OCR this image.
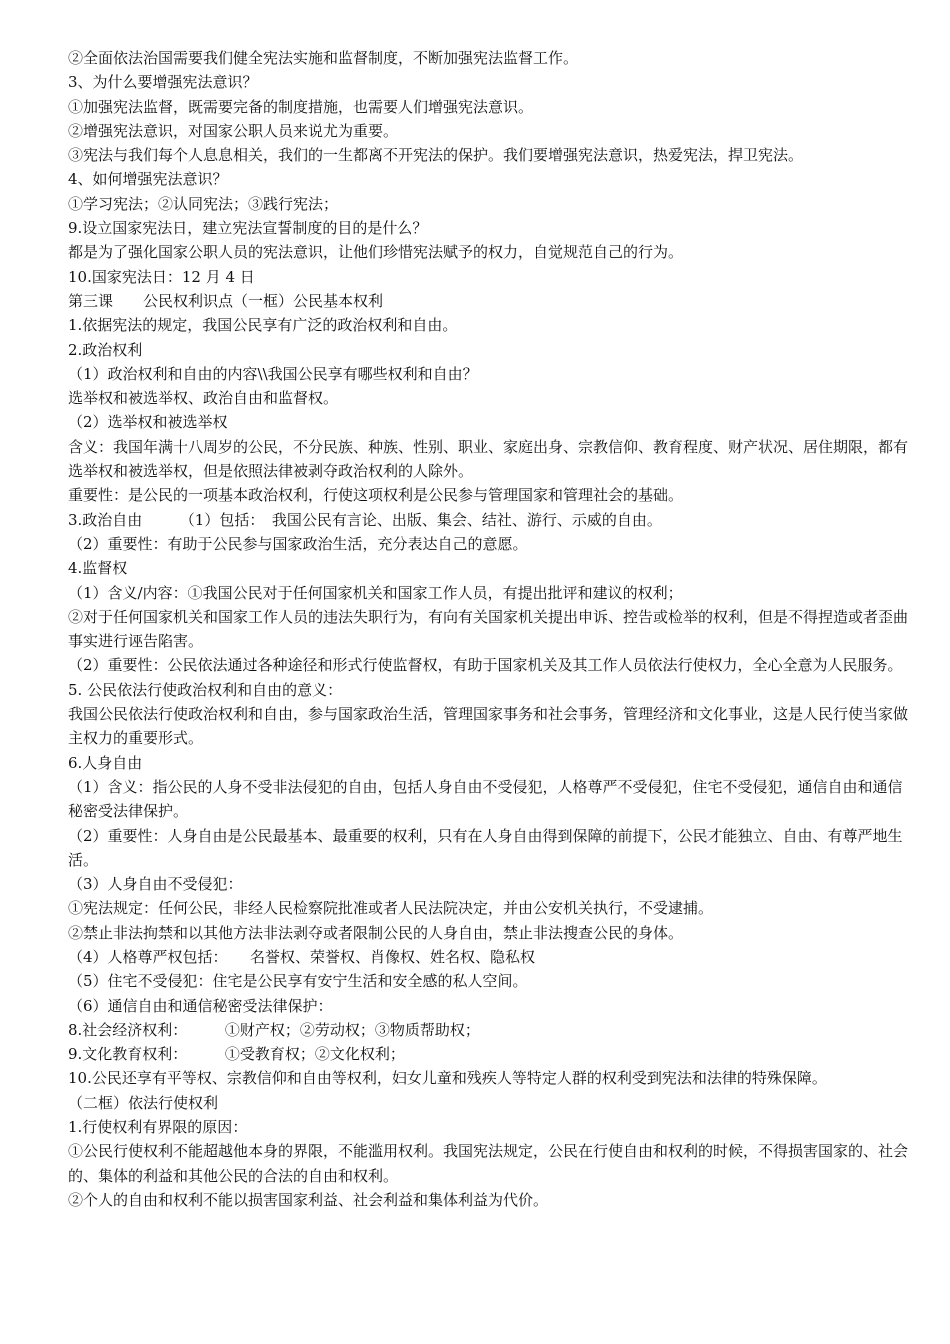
②全面依法治国需要我们健全宪法实施和监督制度，不断加强宪法监督工作。
3、为什么要增强宪法意识？
①加强宪法监督，既需要完备的制度措施，也需要人们增强宪法意识。
②增强宪法意识，对国家公职人员来说尤为重要。
③宪法与我们每个人息息相关，我们的一生都离不开宪法的保护。我们要增强宪法意识，热爱宪法，捍卫宪法。
4、如何增强宪法意识？
①学习宪法；②认同宪法；③践行宪法；
9.设立国家宪法日，建立宪法宣誓制度的目的是什么？
都是为了强化国家公职人员的宪法意识，让他们珍惜宪法赋予的权力，自觉规范自己的行为。
10.国家宪法日：12 月 4 日
第三课　　公民权利识点（一框）公民基本权利
1.依据宪法的规定，我国公民享有广泛的政治权利和自由。
2.政治权利
（1）政治权利和自由的内容\\我国公民享有哪些权利和自由？
选举权和被选举权、政治自由和监督权。
（2）选举权和被选举权
含义：我国年满十八周岁的公民，不分民族、种族、性别、职业、家庭出身、宗教信仰、教育程度、财产状况、居住期限，都有选举权和被选举权，但是依照法律被剥夺政治权利的人除外。
重要性：是公民的一项基本政治权利，行使这项权利是公民参与管理国家和管理社会的基础。
3.政治自由　　　（1）包括：　我国公民有言论、出版、集会、结社、游行、示威的自由。
（2）重要性：有助于公民参与国家政治生活，充分表达自己的意愿。
4.监督权
（1）含义/内容：①我国公民对于任何国家机关和国家工作人员，有提出批评和建议的权利；
②对于任何国家机关和国家工作人员的违法失职行为，有向有关国家机关提出申诉、控告或检举的权利，但是不得捏造或者歪曲事实进行诬告陷害。
（2）重要性：公民依法通过各种途径和形式行使监督权，有助于国家机关及其工作人员依法行使权力，全心全意为人民服务。
5. 公民依法行使政治权利和自由的意义：
我国公民依法行使政治权利和自由，参与国家政治生活，管理国家事务和社会事务，管理经济和文化事业，这是人民行使当家做主权力的重要形式。
6.人身自由
（1）含义：指公民的人身不受非法侵犯的自由，包括人身自由不受侵犯，人格尊严不受侵犯，住宅不受侵犯，通信自由和通信秘密受法律保护。
（2）重要性：人身自由是公民最基本、最重要的权利，只有在人身自由得到保障的前提下，公民才能独立、自由、有尊严地生活。
（3）人身自由不受侵犯：
①宪法规定：任何公民，非经人民检察院批准或者人民法院决定，并由公安机关执行，不受逮捕。
②禁止非法拘禁和以其他方法非法剥夺或者限制公民的人身自由，禁止非法搜查公民的身体。
（4）人格尊严权包括：　　名誉权、荣誉权、肖像权、姓名权、隐私权
（5）住宅不受侵犯：住宅是公民享有安宁生活和安全感的私人空间。
（6）通信自由和通信秘密受法律保护：
8.社会经济权利：　　　①财产权；②劳动权；③物质帮助权；
9.文化教育权利：　　　①受教育权；②文化权利；
10.公民还享有平等权、宗教信仰和自由等权利，妇女儿童和残疾人等特定人群的权利受到宪法和法律的特殊保障。
（二框）依法行使权利
1.行使权利有界限的原因：
①公民行使权利不能超越他本身的界限，不能滥用权利。我国宪法规定，公民在行使自由和权利的时候，不得损害国家的、社会的、集体的利益和其他公民的合法的自由和权利。
②个人的自由和权利不能以损害国家利益、社会利益和集体利益为代价。
